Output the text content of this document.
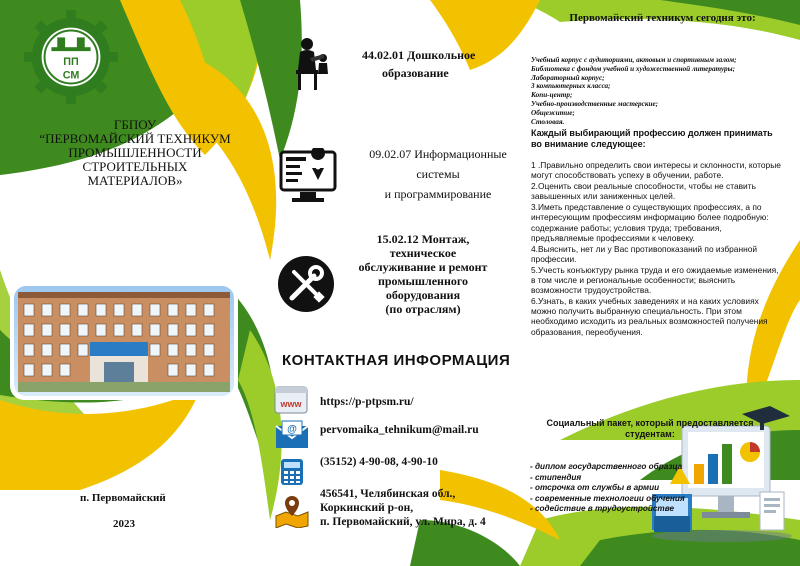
ПП
СМ
ГБПОУ
“ПЕРВОМАЙСКИЙ ТЕХНИКУМ
ПРОМЫШЛЕННОСТИ
СТРОИТЕЛЬНЫХ
МАТЕРИАЛОВ»
п. Первомайский
2023
44.02.01 Дошкольное
образование
09.02.07 Информационные
системы
и программирование
15.02.12 Монтаж,
техническое
обслуживание и ремонт
промышленного
оборудования
(по отраслям)
КОНТАКТНАЯ ИНФОРМАЦИЯ
www https://p-ptpsm.ru/
@ pervomaika_tehnikum@mail.ru
(35152) 4-90-08, 4-90-10
456541, Челябинская обл.,
Коркинский р-он,
п. Первомайский, ул. Мира, д. 4
Первомайский техникум сегодня это:
Учебный корпус с аудиториями, актовым и спортивным залом;
Библиотека с фондом учебной и художественной литературы;
Лабораторный корпус;
3 компьютерных класса;
Копи-центр;
Учебно-производственные мастерские;
Общежитие;
Столовая.
Каждый выбирающий профессию должен принимать во внимание следующее:

1 .Правильно определить свои интересы и склонности, которые могут способствовать успеху в обучении, работе.

2.Оценить свои реальные способности, чтобы не ставить завышенных или заниженных целей.

3.Иметь представление о существующих профессиях, а по интересующим профессиям информацию более подробную: содержание работы; условия труда; требования, предъявляемые профессиями к человеку.

4.Выяснить, нет ли у Вас противопоказаний по избранной профессии.

5.Учесть конъюктуру рынка труда и его ожидаемые изменения, в том числе и региональные особенности; выяснить возможности трудоустройства.

6.Узнать, в каких учебных заведениях и на каких условиях можно получить выбранную специальность. При этом необходимо исходить из реальных возможностей получения образования, переобучения.

Социальный пакет, который предоставляется студентам:
- диплом государственного образца
- стипендия
- отсрочка от службы в армии
- современные технологии обучения
- содействие в трудоустройстве
